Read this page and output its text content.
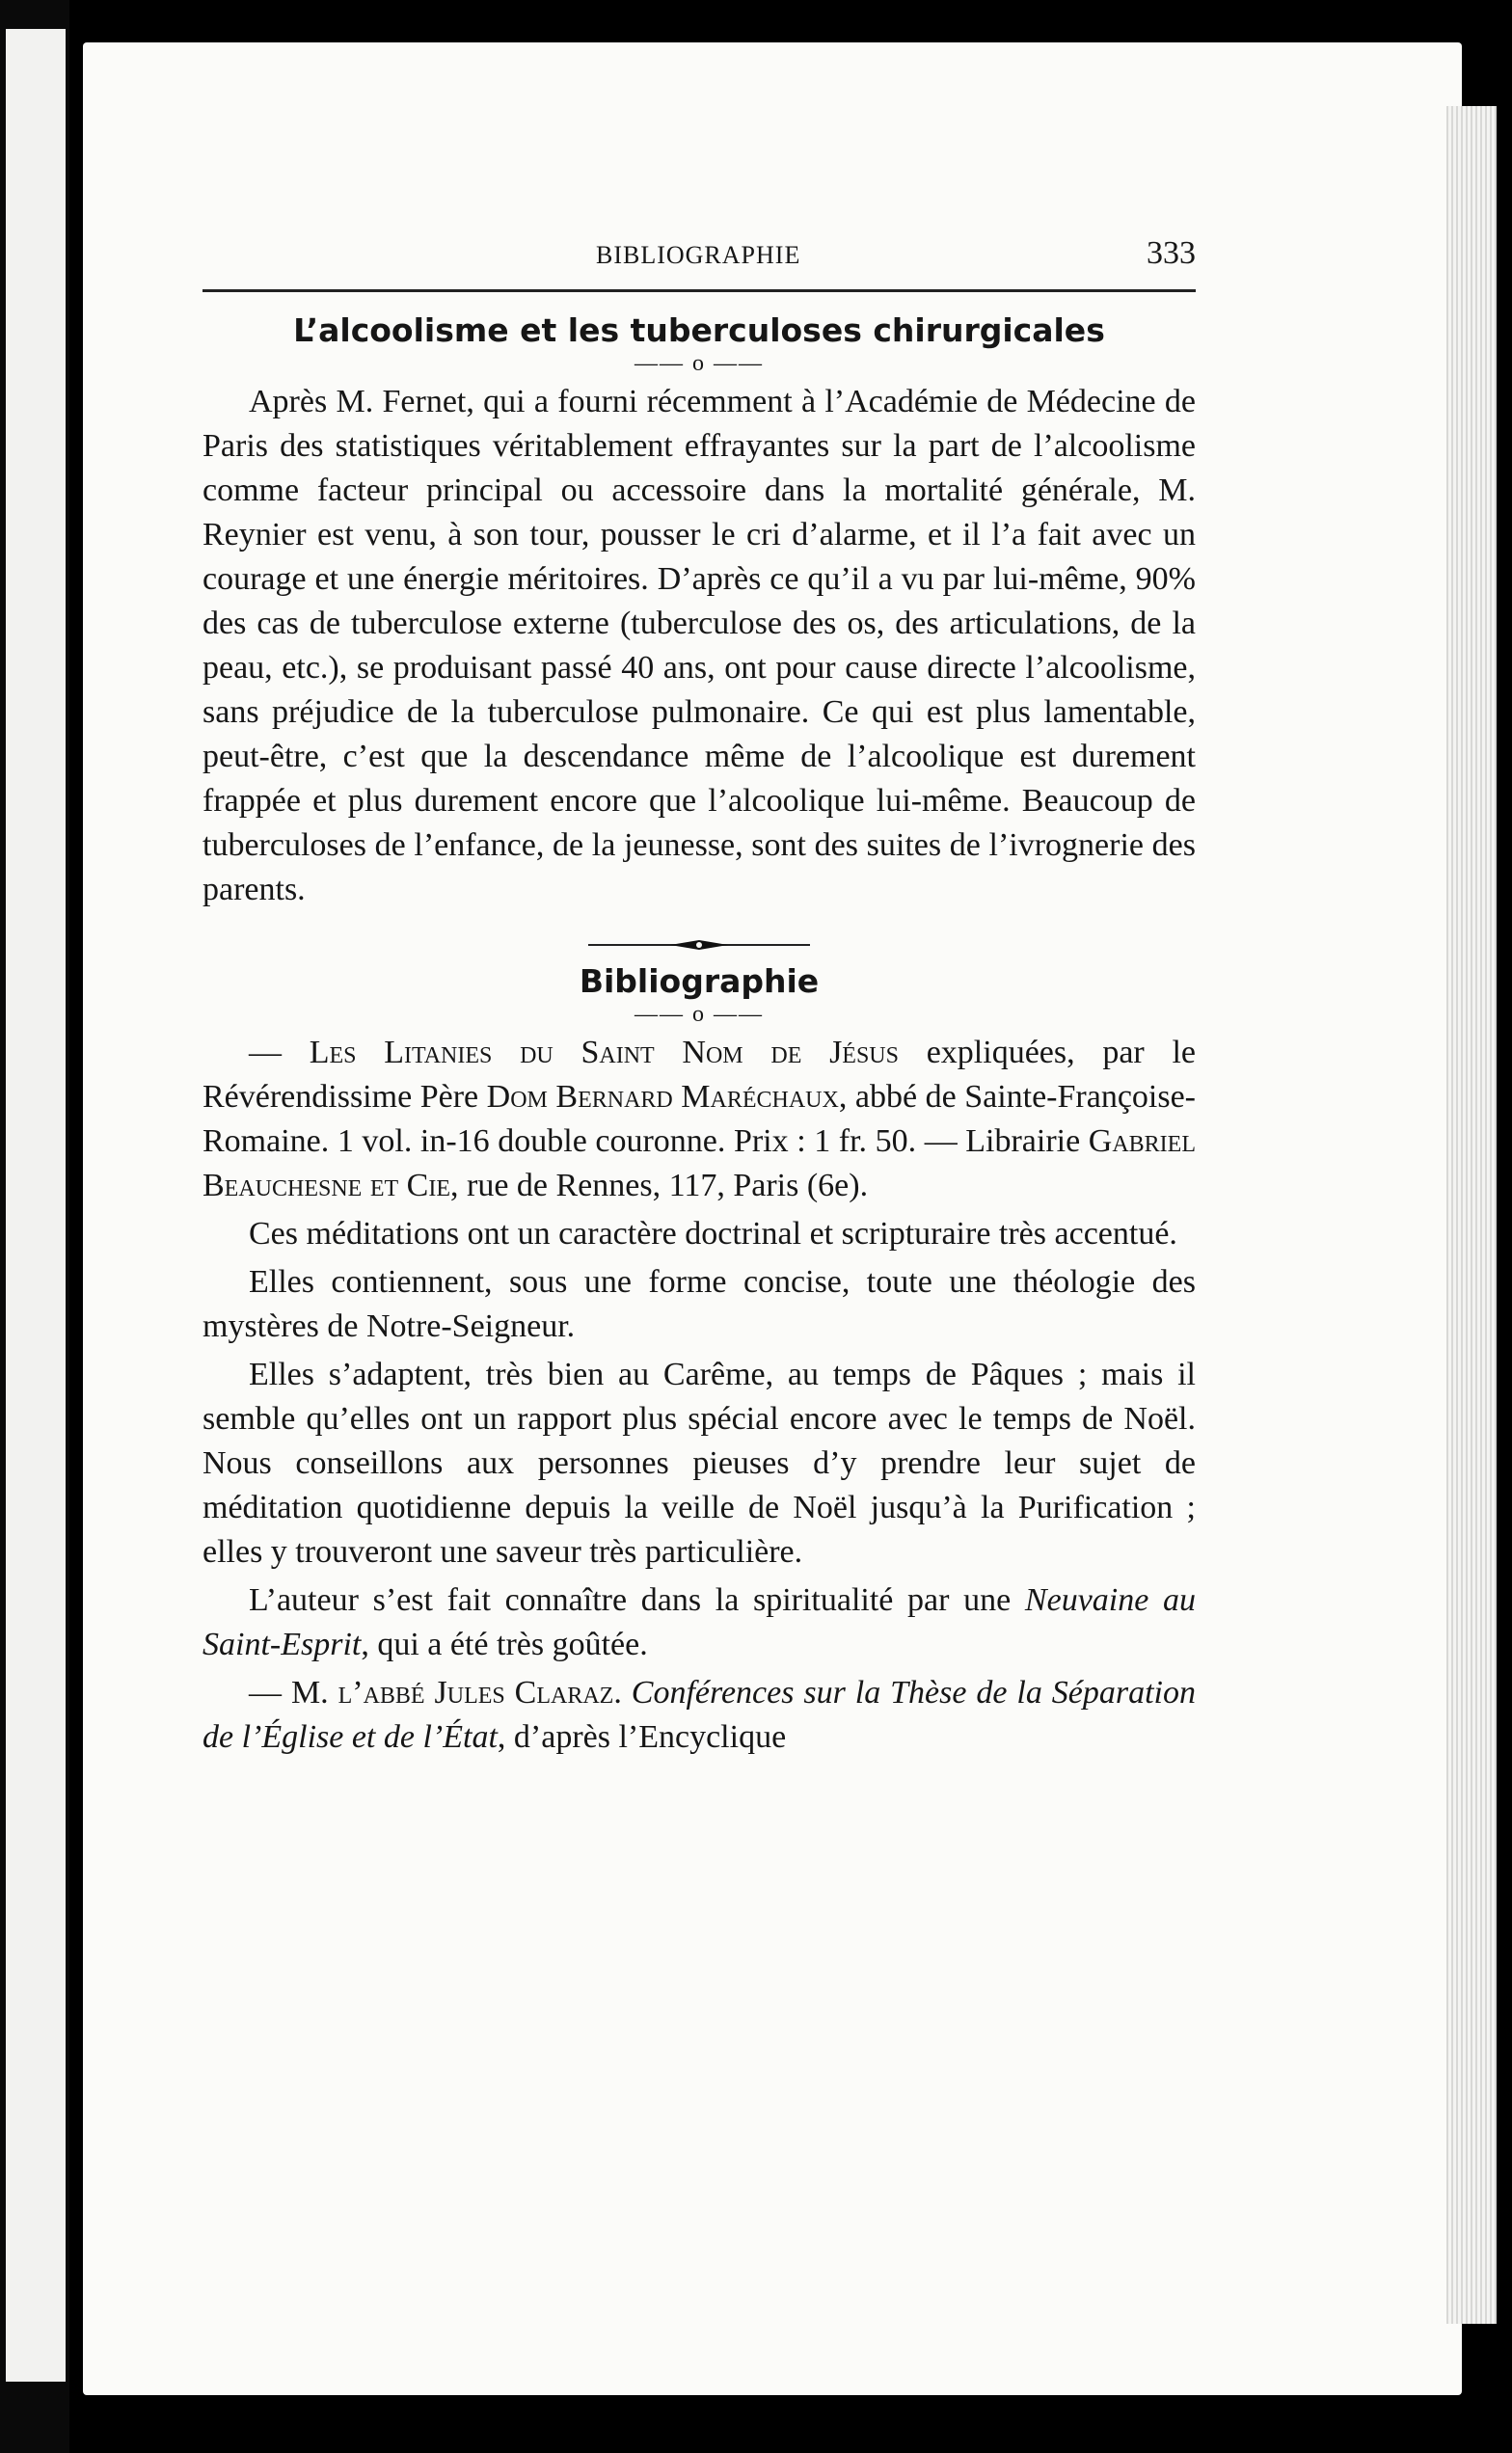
BIBLIOGRAPHIE	333
L’alcoolisme et les tuberculoses chirurgicales
—— o ——

Après M. Fernet, qui a fourni récemment à l’Académie de Médecine de Paris des statistiques véritablement effrayantes sur la part de l’alcoolisme comme facteur principal ou accessoire dans la mortalité générale, M. Reynier est venu, à son tour, pousser le cri d’alarme, et il l’a fait avec un courage et une énergie méritoires. D’après ce qu’il a vu par lui-même, 90% des cas de tuberculose externe (tuberculose des os, des articulations, de la peau, etc.), se produisant passé 40 ans, ont pour cause directe l’alcoolisme, sans préjudice de la tuberculose pulmonaire. Ce qui est plus lamentable, peut-être, c’est que la descendance même de l’alcoolique est durement frappée et plus durement encore que l’alcoolique lui-même. Beaucoup de tuberculoses de l’enfance, de la jeunesse, sont des suites de l’ivrognerie des parents.

Bibliographie
—— o ——

— Les Litanies du Saint Nom de Jésus expliquées, par le Révérendissime Père Dom Bernard Maréchaux, abbé de Sainte-Françoise-Romaine. 1 vol. in-16 double couronne. Prix : 1 fr. 50. — Librairie Gabriel Beauchesne et Cie, rue de Rennes, 117, Paris (6e).

Ces méditations ont un caractère doctrinal et scripturaire très accentué.

Elles contiennent, sous une forme concise, toute une théologie des mystères de Notre-Seigneur.

Elles s’adaptent, très bien au Carême, au temps de Pâques ; mais il semble qu’elles ont un rapport plus spécial encore avec le temps de Noël. Nous conseillons aux personnes pieuses d’y prendre leur sujet de méditation quotidienne depuis la veille de Noël jusqu’à la Purification ; elles y trouveront une saveur très particulière.

L’auteur s’est fait connaître dans la spiritualité par une Neuvaine au Saint-Esprit, qui a été très goûtée.

— M. l’abbé Jules Claraz. Conférences sur la Thèse de la Séparation de l’Église et de l’État, d’après l’Encyclique
